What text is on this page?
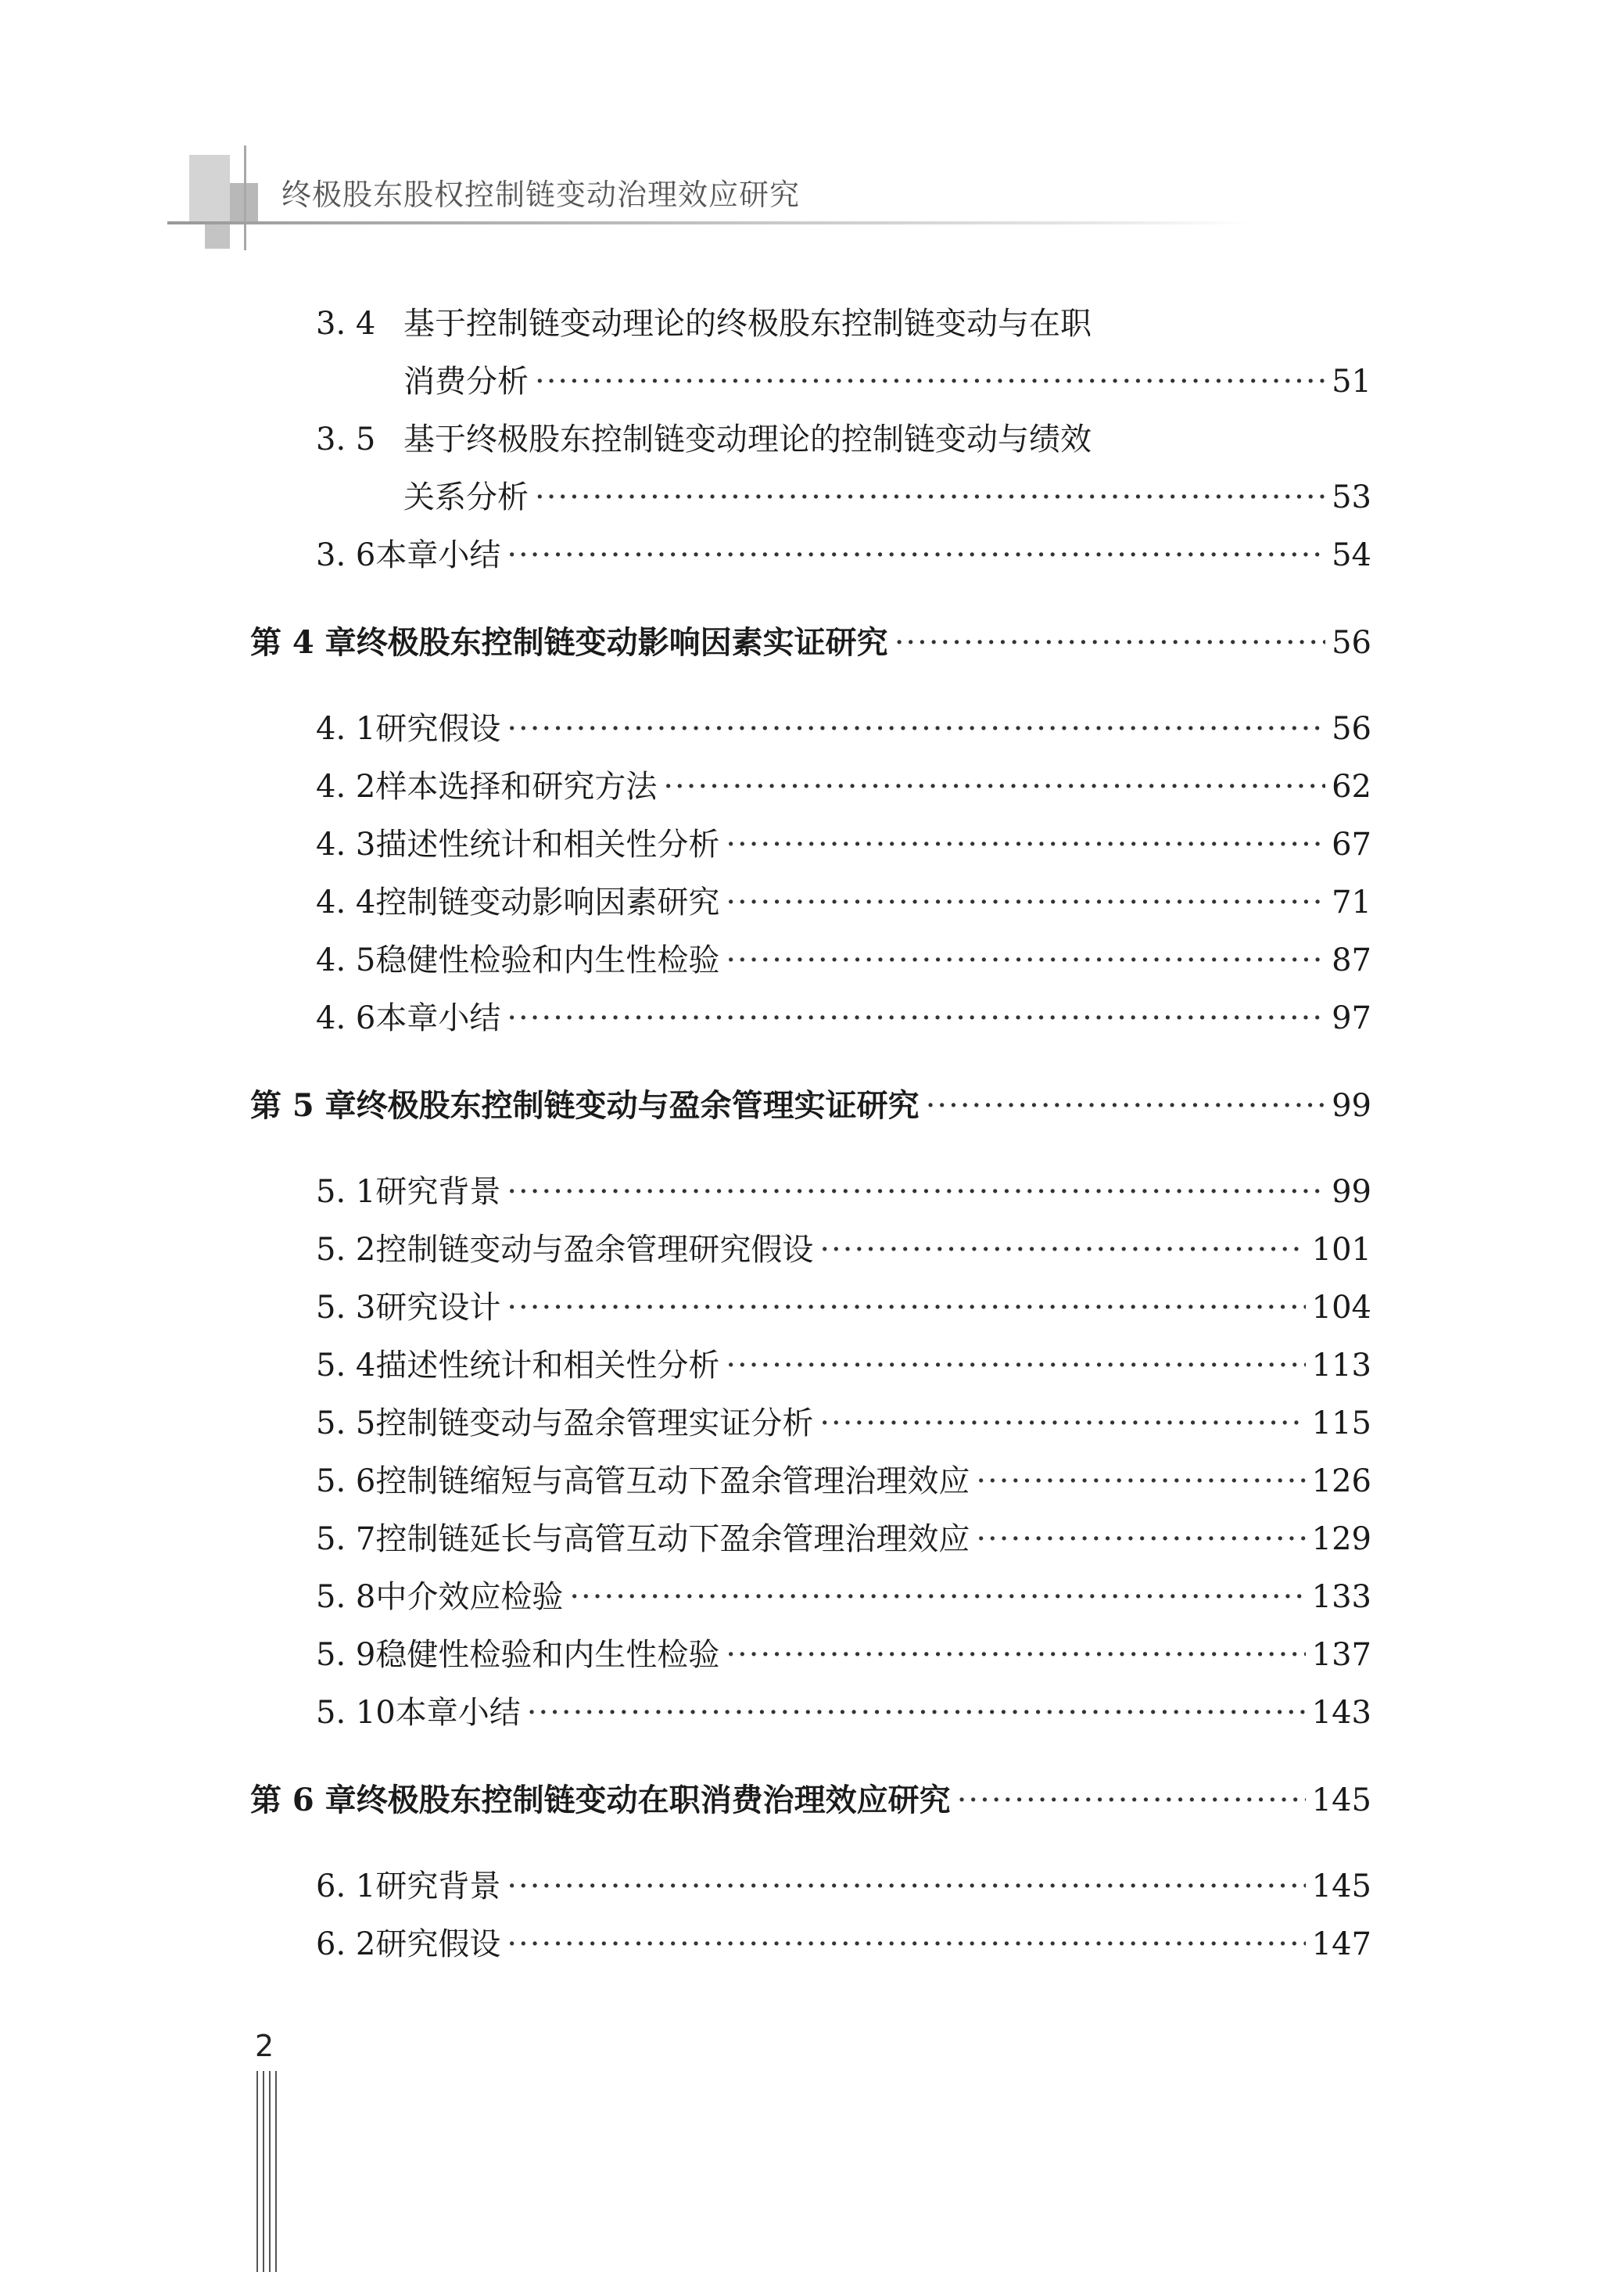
终极股东股权控制链变动治理效应研究
3. 4 基于控制链变动理论的终极股东控制链变动与在职
消费分析 ·····	51
3. 5 基于终极股东控制链变动理论的控制链变动与绩效
关系分析 ·····	53
3. 6 本章小结 ·····	54
第 4 章 终极股东控制链变动影响因素实证研究 ·····	56
4. 1 研究假设 ·····	56
4. 2 样本选择和研究方法 ·····	62
4. 3 描述性统计和相关性分析 ·····	67
4. 4 控制链变动影响因素研究 ·····	71
4. 5 稳健性检验和内生性检验 ·····	87
4. 6 本章小结 ·····	97
第 5 章 终极股东控制链变动与盈余管理实证研究 ·····	99
5. 1 研究背景 ·····	99
5. 2 控制链变动与盈余管理研究假设 ·····	101
5. 3 研究设计 ·····	104
5. 4 描述性统计和相关性分析 ·····	113
5. 5 控制链变动与盈余管理实证分析 ·····	115
5. 6 控制链缩短与高管互动下盈余管理治理效应 ·····	126
5. 7 控制链延长与高管互动下盈余管理治理效应 ·····	129
5. 8 中介效应检验 ·····	133
5. 9 稳健性检验和内生性检验 ·····	137
5. 10 本章小结 ·····	143
第 6 章 终极股东控制链变动在职消费治理效应研究 ·····	145
6. 1 研究背景 ·····	145
6. 2 研究假设 ·····	147
2
